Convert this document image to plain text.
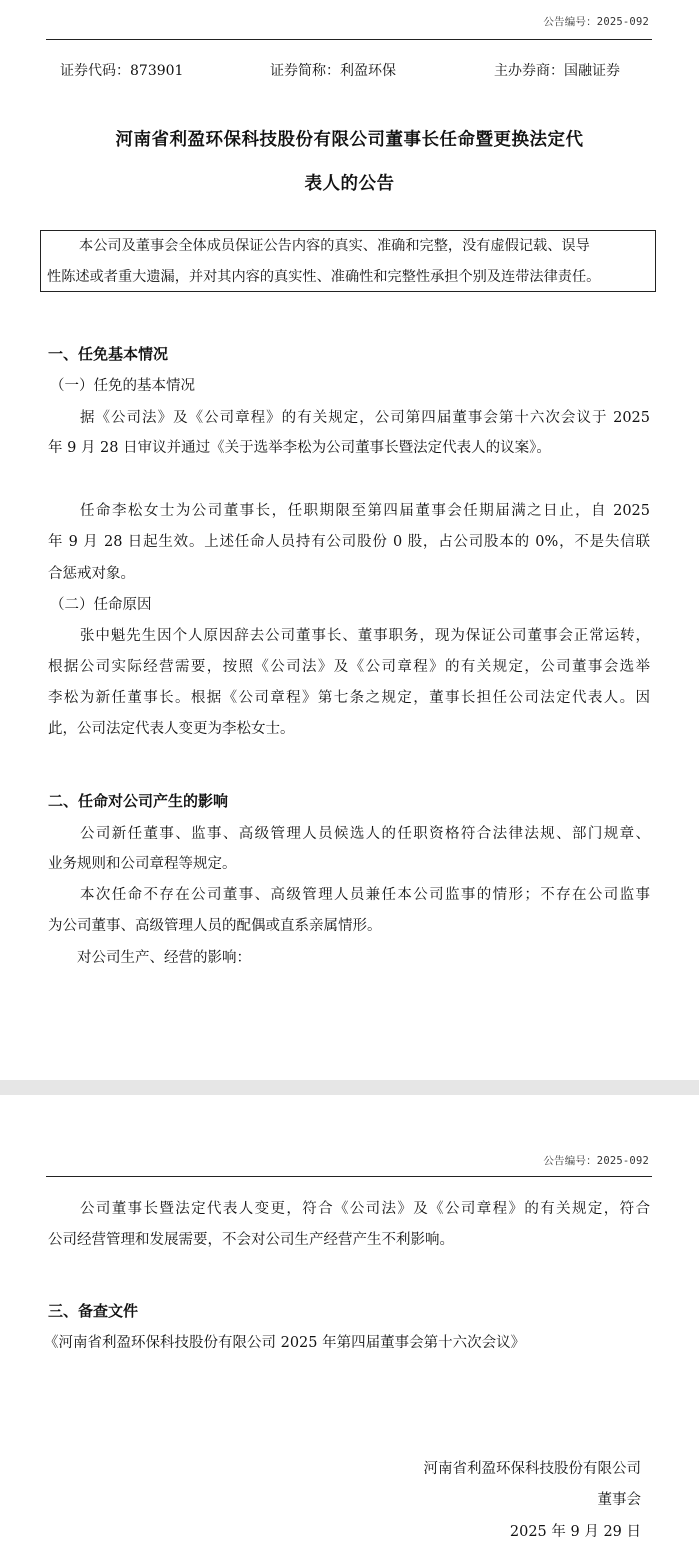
公告编号：2025-092
证券代码：873901	证券简称：利盈环保	主办券商：国融证券
河南省利盈环保科技股份有限公司董事长任命暨更换法定代
表人的公告
本公司及董事会全体成员保证公告内容的真实、准确和完整，没有虚假记载、误导
性陈述或者重大遗漏，并对其内容的真实性、准确性和完整性承担个别及连带法律责任。
一、任免基本情况
（一）任免的基本情况
据《公司法》及《公司章程》的有关规定，公司第四届董事会第十六次会议于 2025
年 9 月 28 日审议并通过《关于选举李松为公司董事长暨法定代表人的议案》。
任命李松女士为公司董事长，任职期限至第四届董事会任期届满之日止，自 2025
年 9 月 28 日起生效。上述任命人员持有公司股份 0 股，占公司股本的 0%，不是失信联
合惩戒对象。
（二）任命原因
张中魁先生因个人原因辞去公司董事长、董事职务，现为保证公司董事会正常运转，
根据公司实际经营需要，按照《公司法》及《公司章程》的有关规定，公司董事会选举
李松为新任董事长。根据《公司章程》第七条之规定，董事长担任公司法定代表人。因
此，公司法定代表人变更为李松女士。
二、任命对公司产生的影响
公司新任董事、监事、高级管理人员候选人的任职资格符合法律法规、部门规章、
业务规则和公司章程等规定。
本次任命不存在公司董事、高级管理人员兼任本公司监事的情形；不存在公司监事
为公司董事、高级管理人员的配偶或直系亲属情形。
对公司生产、经营的影响：
公告编号：2025-092
公司董事长暨法定代表人变更，符合《公司法》及《公司章程》的有关规定，符合
公司经营管理和发展需要，不会对公司生产经营产生不利影响。
三、备查文件
《河南省利盈环保科技股份有限公司 2025 年第四届董事会第十六次会议》
河南省利盈环保科技股份有限公司
董事会
2025 年 9 月 29 日
